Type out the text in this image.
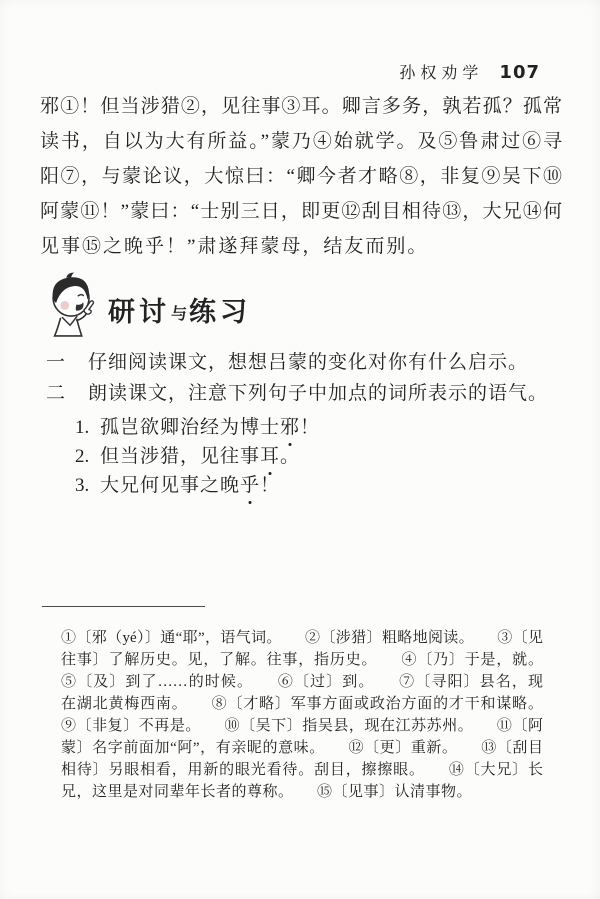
孙权劝学 107
邪①！但当涉猎②，见往事③耳。卿言多务，孰若孤？孤常
读书，自以为大有所益。”蒙乃④始就学。及⑤鲁肃过⑥寻
阳⑦，与蒙论议，大惊曰：“卿今者才略⑧，非复⑨吴下⑩
阿蒙⑪！”蒙曰：“士别三日，即更⑫刮目相待⑬，大兄⑭何
见事⑮之晚乎！”肃遂拜蒙母，结友而别。
研讨与练习
一	仔细阅读课文，想想吕蒙的变化对你有什么启示。
二	朗读课文，注意下列句子中加点的词所表示的语气。
1. 孤岂欲卿治经为博士邪！
2. 但当涉猎，见往事耳。
3. 大兄何见事之晚乎！
①〔邪（yé）〕通“耶”，语气词。　　②〔涉猎〕粗略地阅读。　　③〔见
往事〕了解历史。见，了解。往事，指历史。　　④〔乃〕于是，就。
⑤〔及〕到了……的时候。　　⑥〔过〕到。　　⑦〔寻阳〕县名，现
在湖北黄梅西南。　　⑧〔才略〕军事方面或政治方面的才干和谋略。
⑨〔非复〕不再是。　　⑩〔吴下〕指吴县，现在江苏苏州。　　⑪〔阿
蒙〕名字前面加“阿”，有亲昵的意味。　　⑫〔更〕重新。　　⑬〔刮目
相待〕另眼相看，用新的眼光看待。刮目，擦擦眼。　　⑭〔大兄〕长
兄，这里是对同辈年长者的尊称。　　⑮〔见事〕认清事物。
